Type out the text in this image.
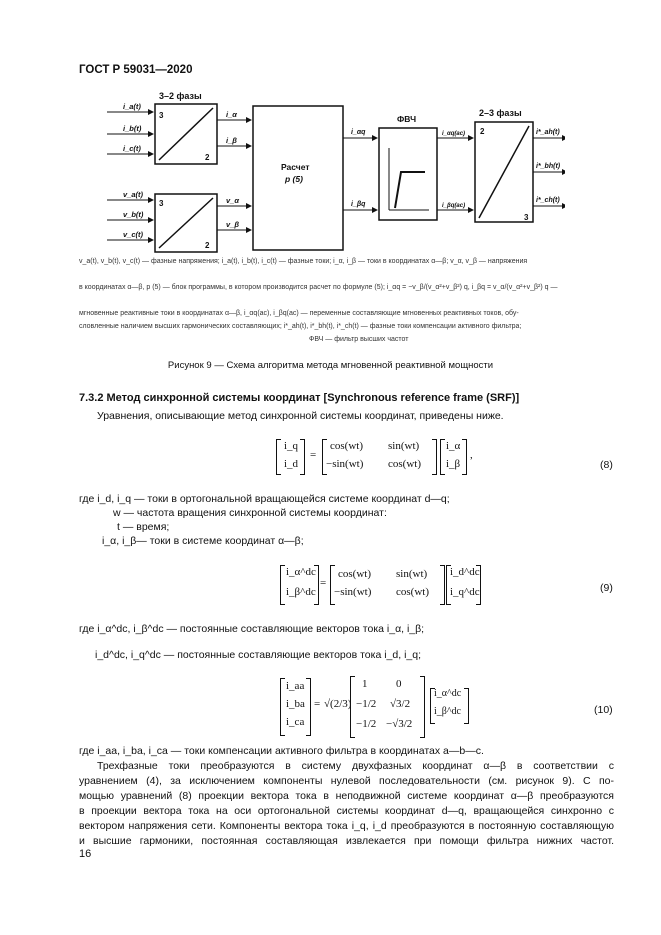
ГОСТ Р 59031—2020
3–2 фазы
3
2
3
2
i_a(t)
i_b(t)
i_c(t)
v_a(t)
v_b(t)
v_c(t)
i_α
i_β
v_α
v_β
Расчет
p (5)
i_αq
i_βq
ФВЧ
i_αq(ac)
i_βq(ac)
2–3 фазы
2
3
i*_ah(t)
i*_bh(t)
i*_ch(t)
v_a(t), v_b(t), v_c(t) — фазные напряжения; i_a(t), i_b(t), i_c(t) — фазные токи; i_α, i_β — токи в координатах α—β; v_α, v_β — напряжения
в координатах α—β, p (5) — блок программы, в котором производится расчет по формуле (5); i_αq = −v_β/(v_α²+v_β²) q, i_βq = v_α/(v_α²+v_β²) q —
мгновенные реактивные токи в координатах α—β, i_αq(ac), i_βq(ac) — переменные составляющие мгновенных реактивных токов, обу-
словленные наличием высших гармонических составляющих; i*_ah(t), i*_bh(t), i*_ch(t) — фазные токи компенсации активного фильтра;
ФВЧ — фильтр высших частот
Рисунок 9 — Схема алгоритма метода мгновенной реактивной мощности
7.3.2 Метод синхронной системы координат [Synchronous reference frame (SRF)]
Уравнения, описывающие метод синхронной системы координат, приведены ниже.
i_q
i_d
=
cos(wt) sin(wt)
−sin(wt) cos(wt)
i_α
i_β
,
(8)
где i_d, i_q — токи в ортогональной вращающейся системе координат d—q;
w — частота вращения синхронной системы координат:
t — время;
i_α, i_β— токи в системе координат α—β;
i_α^dc
i_β^dc
=
cos(wt) sin(wt)
−sin(wt) cos(wt)
i_d^dc
i_q^dc	(9)
где i_α^dc, i_β^dc — постоянные составляющие векторов тока i_α, i_β;
i_d^dc, i_q^dc — постоянные составляющие векторов тока i_d, i_q;
i_aa
i_ba
i_ca
= √(2/3)
1	0
−1/2 √3/2
−1/2 −√3/2
i_α^dc
i_β^dc	(10)
где i_aa, i_ba, i_ca — токи компенсации активного фильтра в координатах а—b—c.
Трехфазные токи преобразуются в систему двухфазных координат α—β в соответствии с
уравнением (4), за исключением компоненты нулевой последовательности (см. рисунок 9). С по-
мощью уравнений (8) проекции вектора тока в неподвижной системе координат α—β преобразуются
в проекции вектора тока на оси ортогональной системы координат d—q, вращающейся синхронно с
вектором напряжения сети. Компоненты вектора тока i_q, i_d преобразуются в постоянную составляющую
и высшие гармоники, постоянная составляющая извлекается при помощи фильтра нижних частот.
16
